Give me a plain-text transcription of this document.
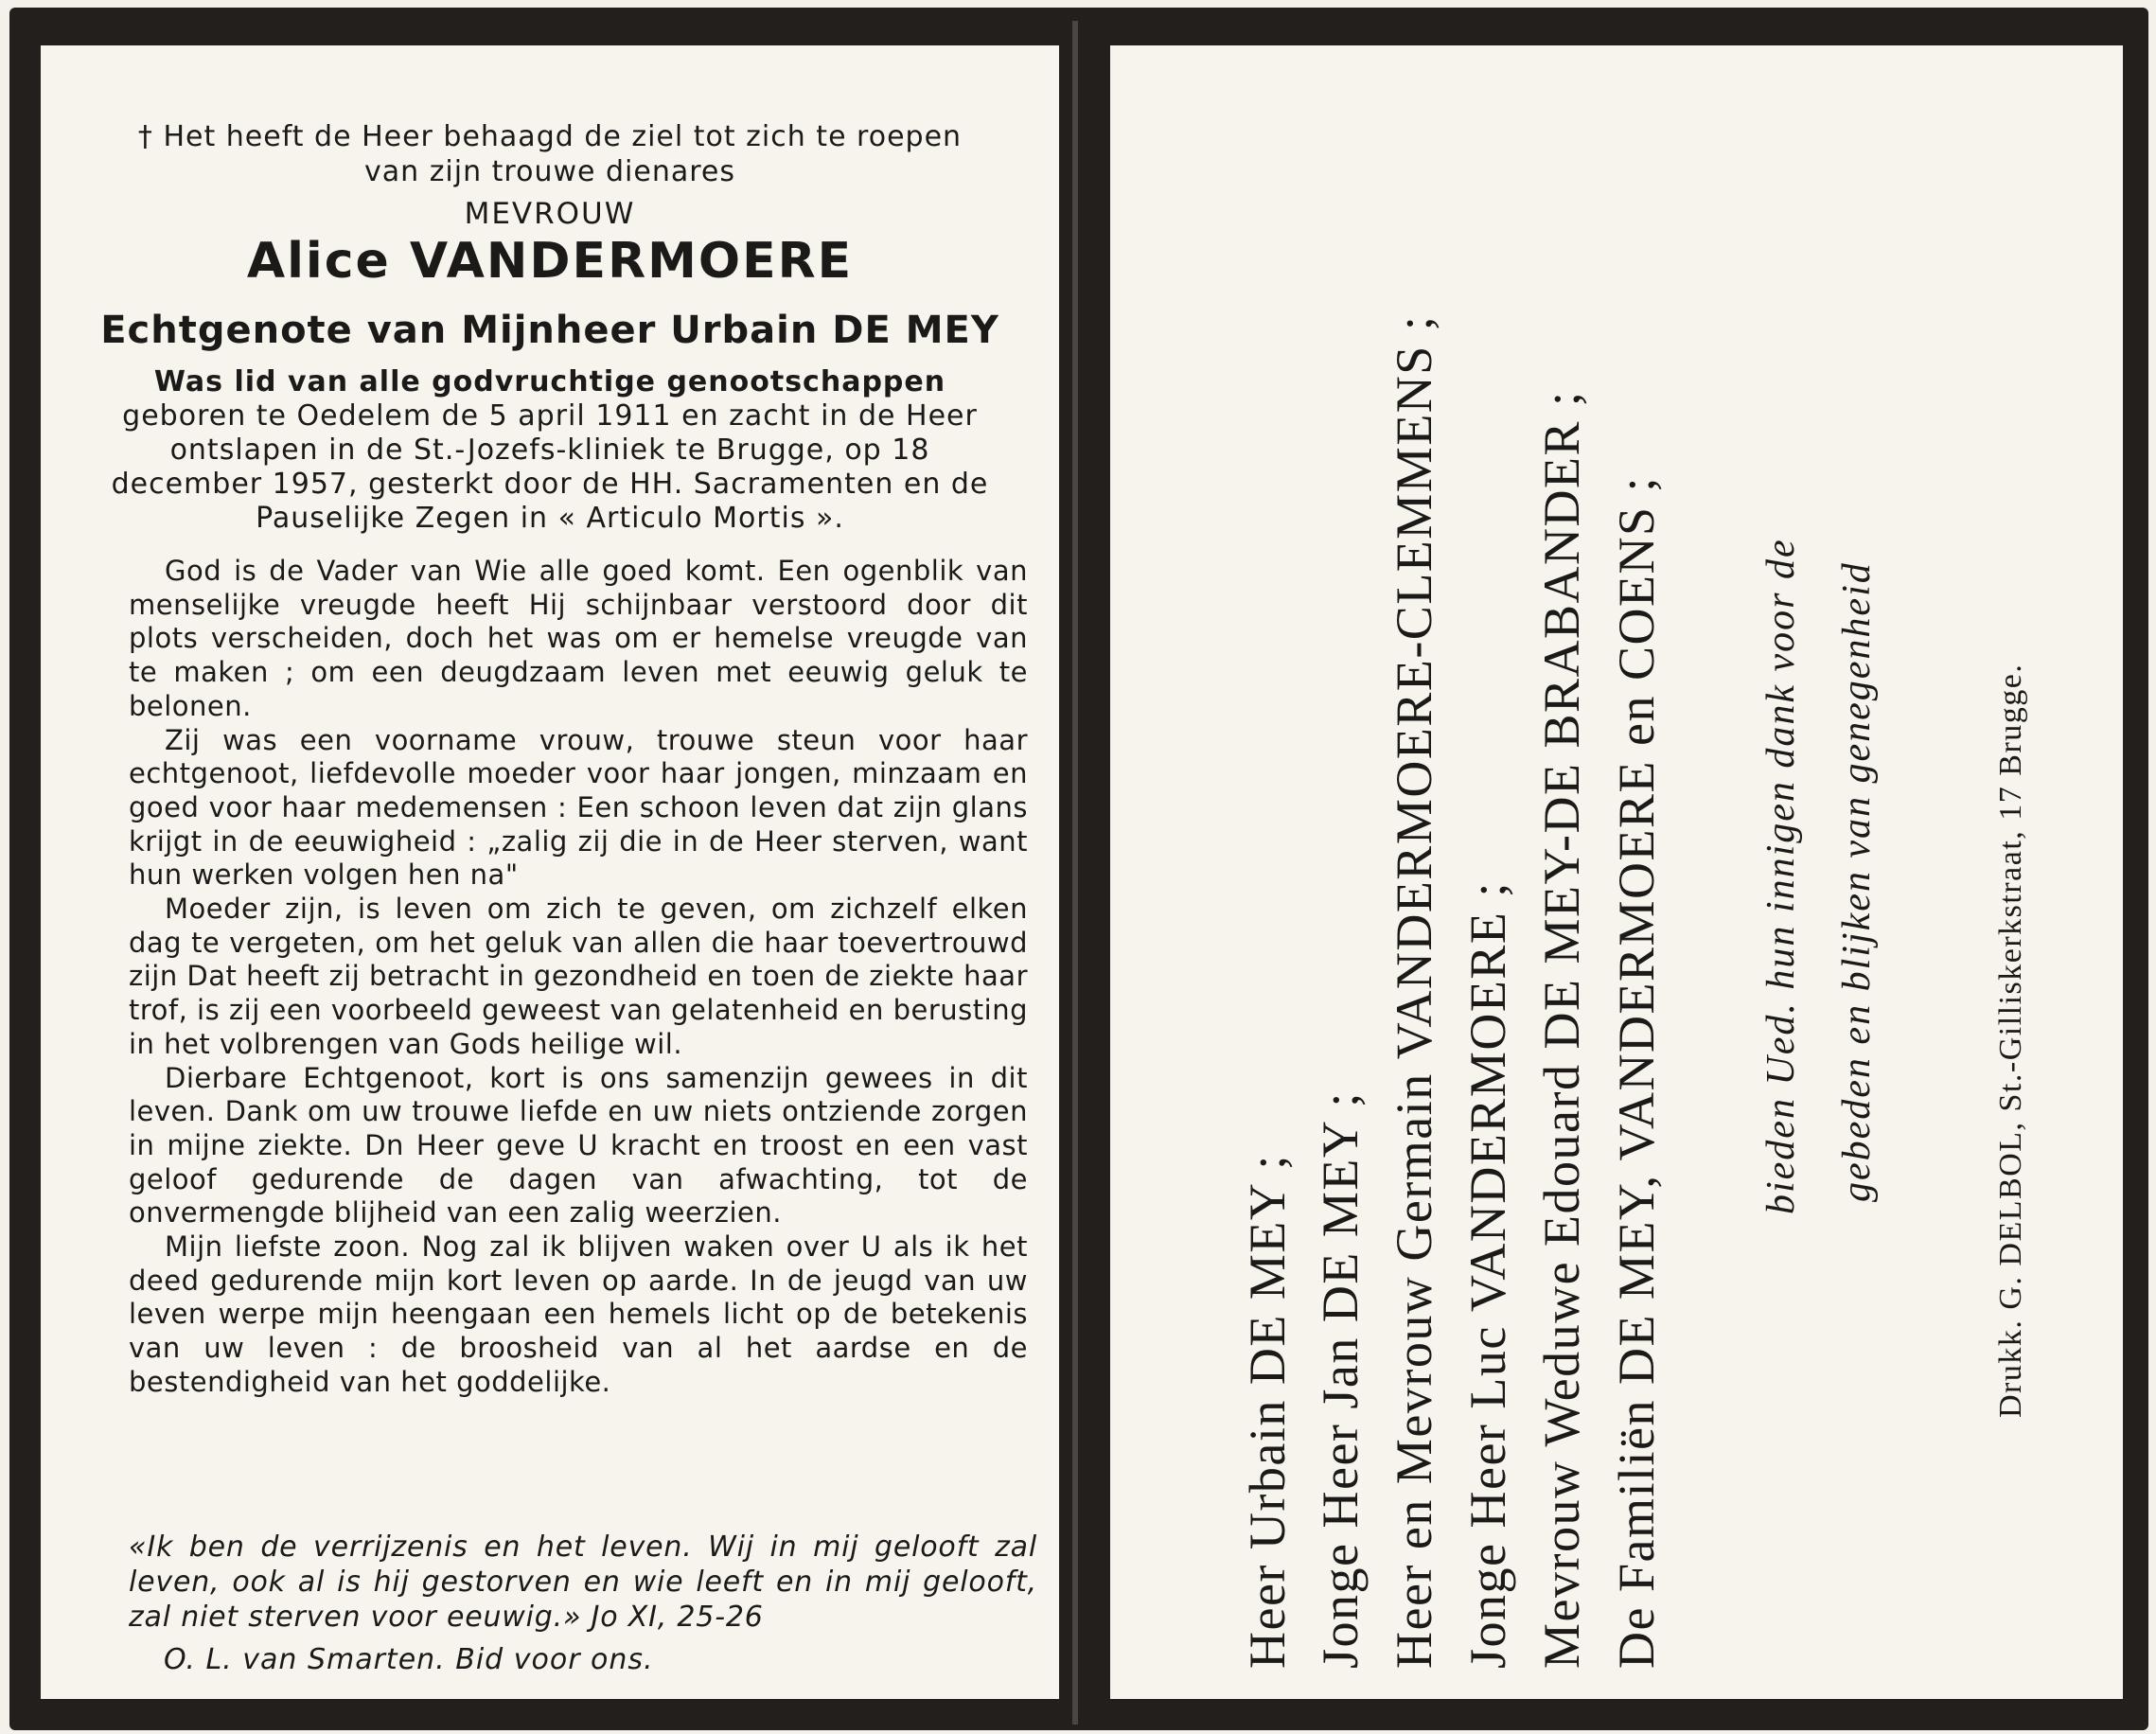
† Het heeft de Heer behaagd de ziel tot zich te roepen
van zijn trouwe dienares
MEVROUW
Alice VANDERMOERE
Echtgenote van Mijnheer Urbain DE MEY
Was lid van alle godvruchtige genootschappen
geboren te Oedelem de 5 april 1911 en zacht in de Heer ontslapen in de St.-Jozefs-kliniek te Brugge, op 18 december 1957, gesterkt door de HH. Sacramenten en de Pauselijke Zegen in « Articulo Mortis ».

God is de Vader van Wie alle goed komt. Een ogenblik van menselijke vreugde heeft Hij schijnbaar verstoord door dit plots verscheiden, doch het was om er hemelse vreugde van te maken ; om een deugdzaam leven met eeuwig geluk te belonen.

Zij was een voorname vrouw, trouwe steun voor haar echtgenoot, liefdevolle moeder voor haar jongen, minzaam en goed voor haar medemensen : Een schoon leven dat zijn glans krijgt in de eeuwigheid : „zalig zij die in de Heer sterven, want hun werken volgen hen na"

Moeder zijn, is leven om zich te geven, om zichzelf elken dag te vergeten, om het geluk van allen die haar toevertrouwd zijn Dat heeft zij betracht in gezondheid en toen de ziekte haar trof, is zij een voorbeeld geweest van gelatenheid en berusting in het volbrengen van Gods heilige wil.

Dierbare Echtgenoot, kort is ons samenzijn gewees in dit leven. Dank om uw trouwe liefde en uw niets ontziende zorgen in mijne ziekte. Dn Heer geve U kracht en troost en een vast geloof gedurende de dagen van afwachting, tot de onvermengde blijheid van een zalig weerzien.

Mijn liefste zoon. Nog zal ik blijven waken over U als ik het deed gedurende mijn kort leven op aarde. In de jeugd van uw leven werpe mijn heengaan een hemels licht op de betekenis van uw leven : de broosheid van al het aardse en de bestendigheid van het goddelijke.

«Ik ben de verrijzenis en het leven. Wij in mij gelooft zal leven, ook al is hij gestorven en wie leeft en in mij gelooft, zal niet sterven voor eeuwig.» Jo XI, 25-26
O. L. van Smarten. Bid voor ons.	Heer Urbain DE MEY ; Jonge Heer Jan DE MEY ; Heer en Mevrouw Germain VANDERMOERE-CLEMMENS ; Jonge Heer Luc VANDERMOERE ; Mevrouw Weduwe Edouard DE MEY-DE BRABANDER ; De Familiën DE MEY, VANDERMOERE en COENS ; bieden Ued. hun innigen dank voor de gebeden en blijken van genegenheid	Drukk. G. DELBOL, St.-Gilliskerkstraat, 17 Brugge.
